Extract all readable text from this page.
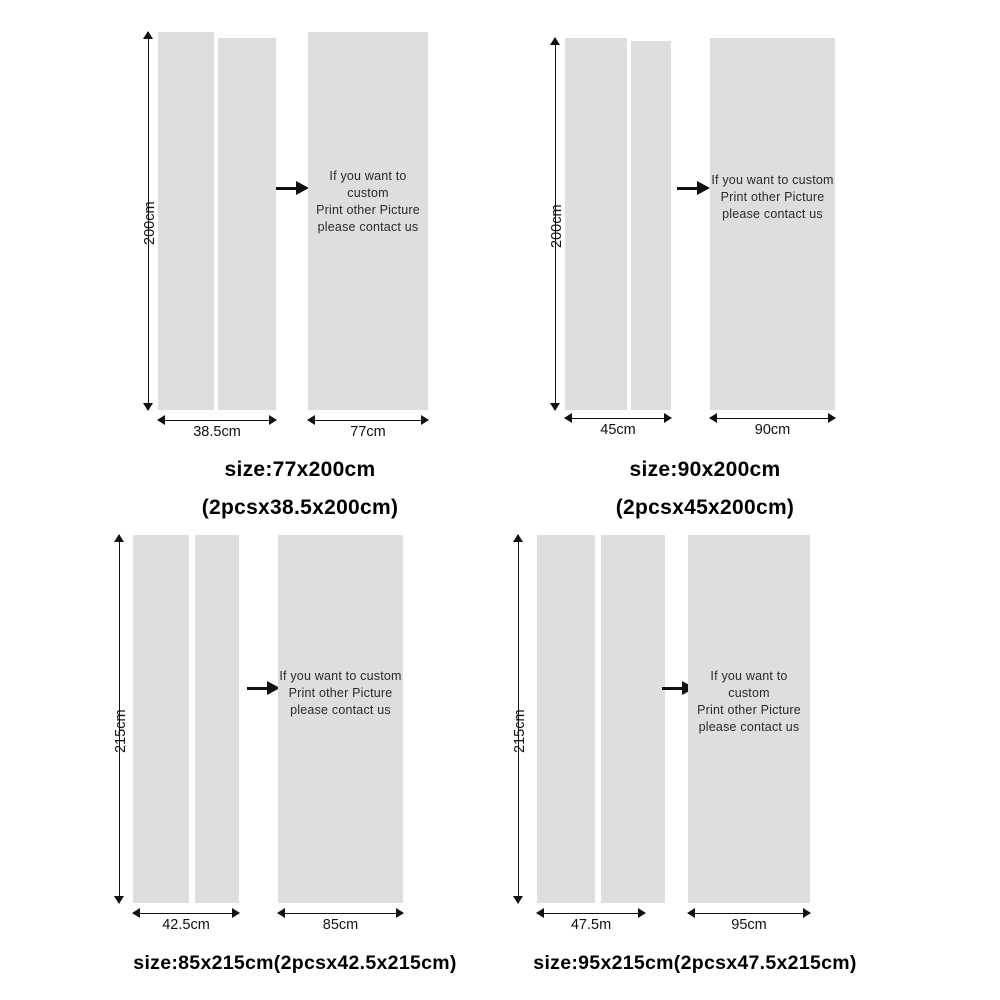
200cm
If you want to custom
Print other Picture
please contact us
38.5cm	77cm
size:77x200cm
(2pcsx38.5x200cm)
200cm
If you want to custom
Print other Picture
please contact us
45cm	90cm
size:90x200cm
(2pcsx45x200cm)
215cm
If you want to custom
Print other Picture
please contact us
42.5cm	85cm
size:85x215cm(2pcsx42.5x215cm)
215cm
If you want to custom
Print other Picture
please contact us
47.5m	95cm
size:95x215cm(2pcsx47.5x215cm)
